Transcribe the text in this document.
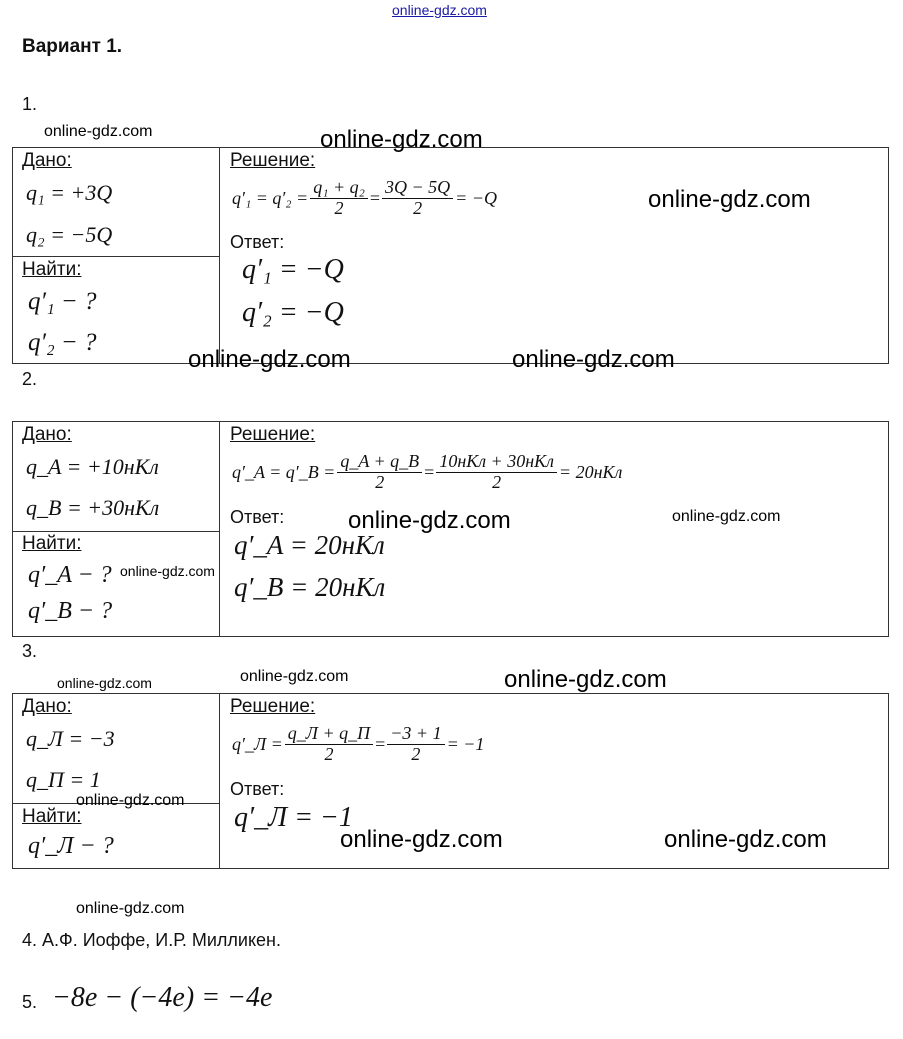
online-gdz.com
Вариант 1.
1.
Дано:
q₁ = +3Q
q₂ = −5Q
Найти:
q′₁ − ?
q′₂ − ?
Решение:
$q'_1 = q'_2 = \frac{\text{q₁ + q₂}}{2} = \frac{3Q - 5Q}{2} = -Q$
Ответ:
q′₁ = −Q
q′₂ = −Q
2.
Дано:
q_A = +10нКл
q_B = +30нКл
Найти:
q′_A − ?
q′_B − ?
Решение:
q′_A = q′_B = $\frac{q\_A + q\_B}{2} = \frac{\text{10нКл + 30нКл}}{2} = 20нКл$
Ответ:
q′_A = 20нКл
q′_B = 20нКл
3.
Дано:
q_Л = −3
q_П = 1
Найти:
q′_Л − ?
Решение:
q′_Л = $\frac{q\_Л + q\_П}{2} = \frac{-3 + 1}{2} = -1$
Ответ:
q′_Л = −1
4. А.Ф. Иоффе, И.Р. Милликен.
5. −8e − (−4e) = −4e
online-gdz.com	online-gdz.com
online-gdz.com
online-gdz.com	online-gdz.com
online-gdz.com	online-gdz.com
online-gdz.com
online-gdz.com
online-gdz.com	online-gdz.com
online-gdz.com
online-gdz.com	online-gdz.com
online-gdz.com
